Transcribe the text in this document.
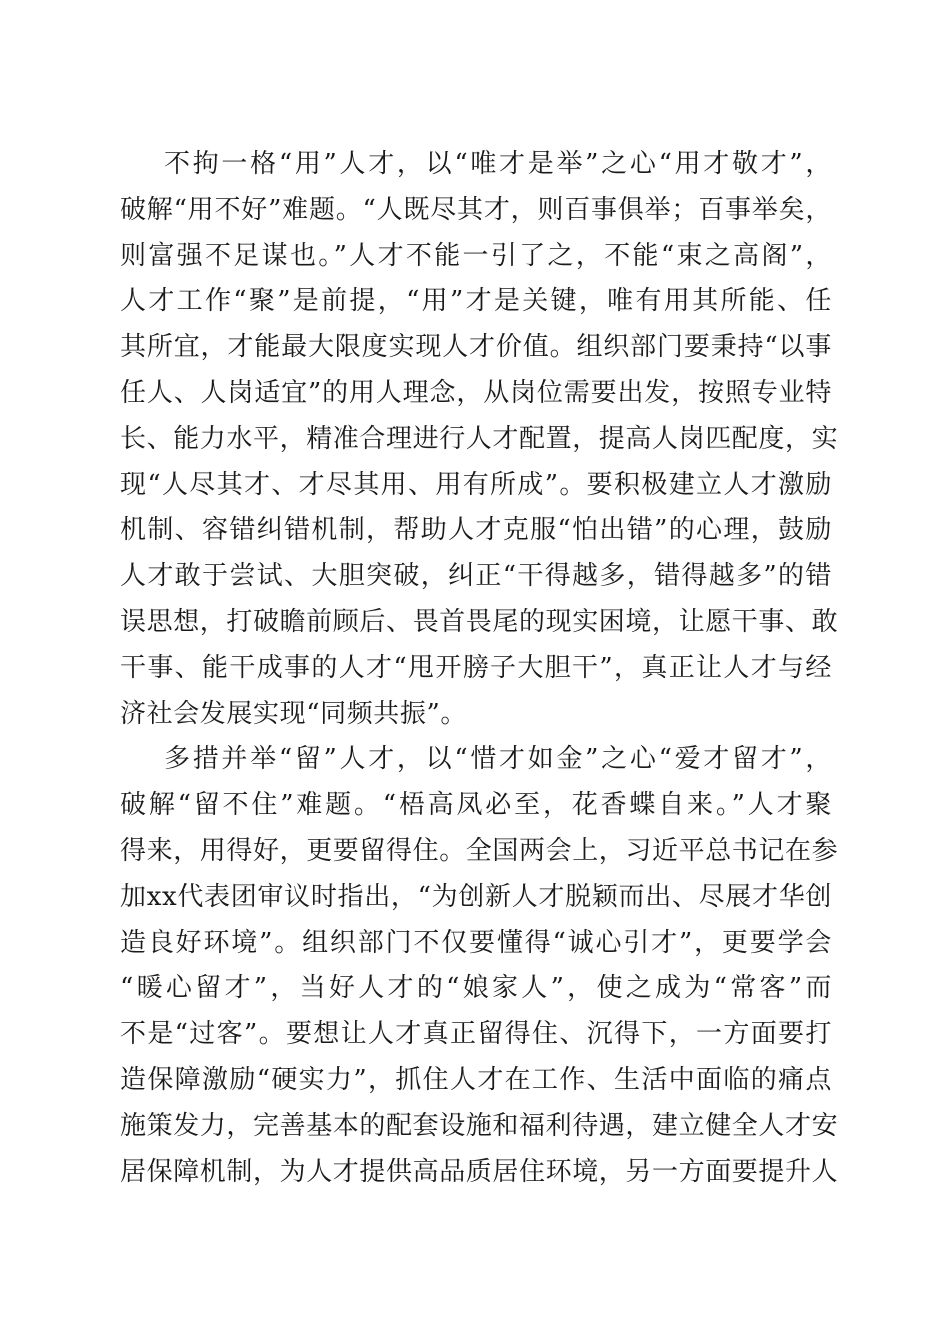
不拘一格“用”人才，以“唯才是举”之心“用才敬才”，
破解“用不好”难题。“人既尽其才，则百事俱举；百事举矣，
则富强不足谋也。”人才不能一引了之，不能“束之高阁”，
人才工作“聚”是前提，“用”才是关键，唯有用其所能、任
其所宜，才能最大限度实现人才价值。组织部门要秉持“以事
任人、人岗适宜”的用人理念，从岗位需要出发，按照专业特
长、能力水平，精准合理进行人才配置，提高人岗匹配度，实
现“人尽其才、才尽其用、用有所成”。要积极建立人才激励
机制、容错纠错机制，帮助人才克服“怕出错”的心理，鼓励
人才敢于尝试、大胆突破，纠正“干得越多，错得越多”的错
误思想，打破瞻前顾后、畏首畏尾的现实困境，让愿干事、敢
干事、能干成事的人才“甩开膀子大胆干”，真正让人才与经
济社会发展实现“同频共振”。

多措并举“留”人才，以“惜才如金”之心“爱才留才”，
破解“留不住”难题。“梧高凤必至，花香蝶自来。”人才聚
得来，用得好，更要留得住。全国两会上，习近平总书记在参
加xx代表团审议时指出，“为创新人才脱颖而出、尽展才华创
造良好环境”。组织部门不仅要懂得“诚心引才”，更要学会
“暖心留才”，当好人才的“娘家人”，使之成为“常客”而
不是“过客”。要想让人才真正留得住、沉得下，一方面要打
造保障激励“硬实力”，抓住人才在工作、生活中面临的痛点
施策发力，完善基本的配套设施和福利待遇，建立健全人才安
居保障机制，为人才提供高品质居住环境，另一方面要提升人
